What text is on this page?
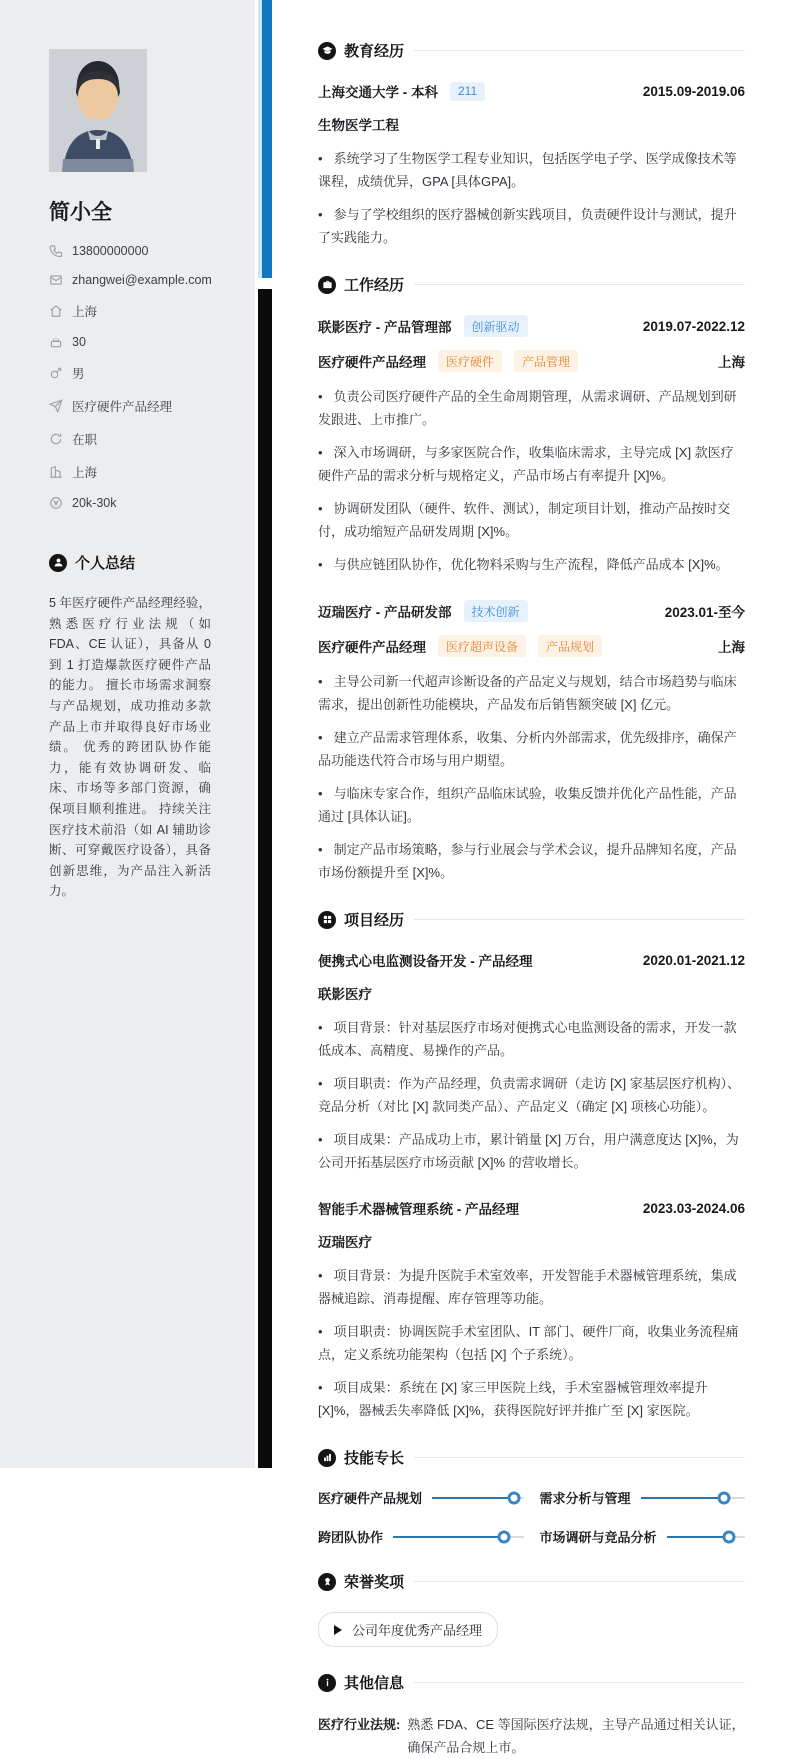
简小全
13800000000
zhangwei@example.com
上海
30
男
医疗硬件产品经理
在职
上海
20k-30k
个人总结
5 年医疗硬件产品经理经验，熟悉医疗行业法规（如 FDA、CE 认证），具备从 0 到 1 打造爆款医疗硬件产品的能力。 擅长市场需求洞察与产品规划，成功推动多款产品上市并取得良好市场业绩。 优秀的跨团队协作能力，能有效协调研发、临床、市场等多部门资源，确保项目顺利推进。 持续关注医疗技术前沿（如 AI 辅助诊断、可穿戴医疗设备），具备创新思维，为产品注入新活力。
教育经历
上海交通大学 - 本科	211	2015.09-2019.06
生物医学工程

• 系统学习了生物医学工程专业知识，包括医学电子学、医学成像技术等课程，成绩优异，GPA [具体GPA]。

• 参与了学校组织的医疗器械创新实践项目，负责硬件设计与测试，提升了实践能力。

工作经历
联影医疗 - 产品管理部	创新驱动	2019.07-2022.12
医疗硬件产品经理	医疗硬件	产品管理	上海

• 负责公司医疗硬件产品的全生命周期管理，从需求调研、产品规划到研发跟进、上市推广。

• 深入市场调研，与多家医院合作，收集临床需求，主导完成 [X] 款医疗硬件产品的需求分析与规格定义，产品市场占有率提升 [X]%。

• 协调研发团队（硬件、软件、测试），制定项目计划，推动产品按时交付，成功缩短产品研发周期 [X]%。

• 与供应链团队协作，优化物料采购与生产流程，降低产品成本 [X]%。

迈瑞医疗 - 产品研发部	技术创新	2023.01-至今
医疗硬件产品经理	医疗超声设备	产品规划	上海

• 主导公司新一代超声诊断设备的产品定义与规划，结合市场趋势与临床需求，提出创新性功能模块，产品发布后销售额突破 [X] 亿元。

• 建立产品需求管理体系，收集、分析内外部需求，优先级排序，确保产品功能迭代符合市场与用户期望。

• 与临床专家合作，组织产品临床试验，收集反馈并优化产品性能，产品通过 [具体认证]。

• 制定产品市场策略，参与行业展会与学术会议，提升品牌知名度，产品市场份额提升至 [X]%。

项目经历
便携式心电监测设备开发 - 产品经理	2020.01-2021.12
联影医疗

• 项目背景：针对基层医疗市场对便携式心电监测设备的需求，开发一款低成本、高精度、易操作的产品。

• 项目职责：作为产品经理，负责需求调研（走访 [X] 家基层医疗机构）、竞品分析（对比 [X] 款同类产品）、产品定义（确定 [X] 项核心功能）。

• 项目成果：产品成功上市，累计销量 [X] 万台，用户满意度达 [X]%，为公司开拓基层医疗市场贡献 [X]% 的营收增长。

智能手术器械管理系统 - 产品经理	2023.03-2024.06
迈瑞医疗

• 项目背景：为提升医院手术室效率，开发智能手术器械管理系统，集成器械追踪、消毒提醒、库存管理等功能。

• 项目职责：协调医院手术室团队、IT 部门、硬件厂商，收集业务流程痛点，定义系统功能架构（包括 [X] 个子系统）。

• 项目成果：系统在 [X] 家三甲医院上线，手术室器械管理效率提升 [X]%，器械丢失率降低 [X]%，获得医院好评并推广至 [X] 家医院。

技能专长
医疗硬件产品规划	需求分析与管理
跨团队协作	市场调研与竞品分析
荣誉奖项
公司年度优秀产品经理
其他信息
医疗行业法规: 熟悉 FDA、CE 等国际医疗法规，主导产品通过相关认证，确保产品合规上市。
